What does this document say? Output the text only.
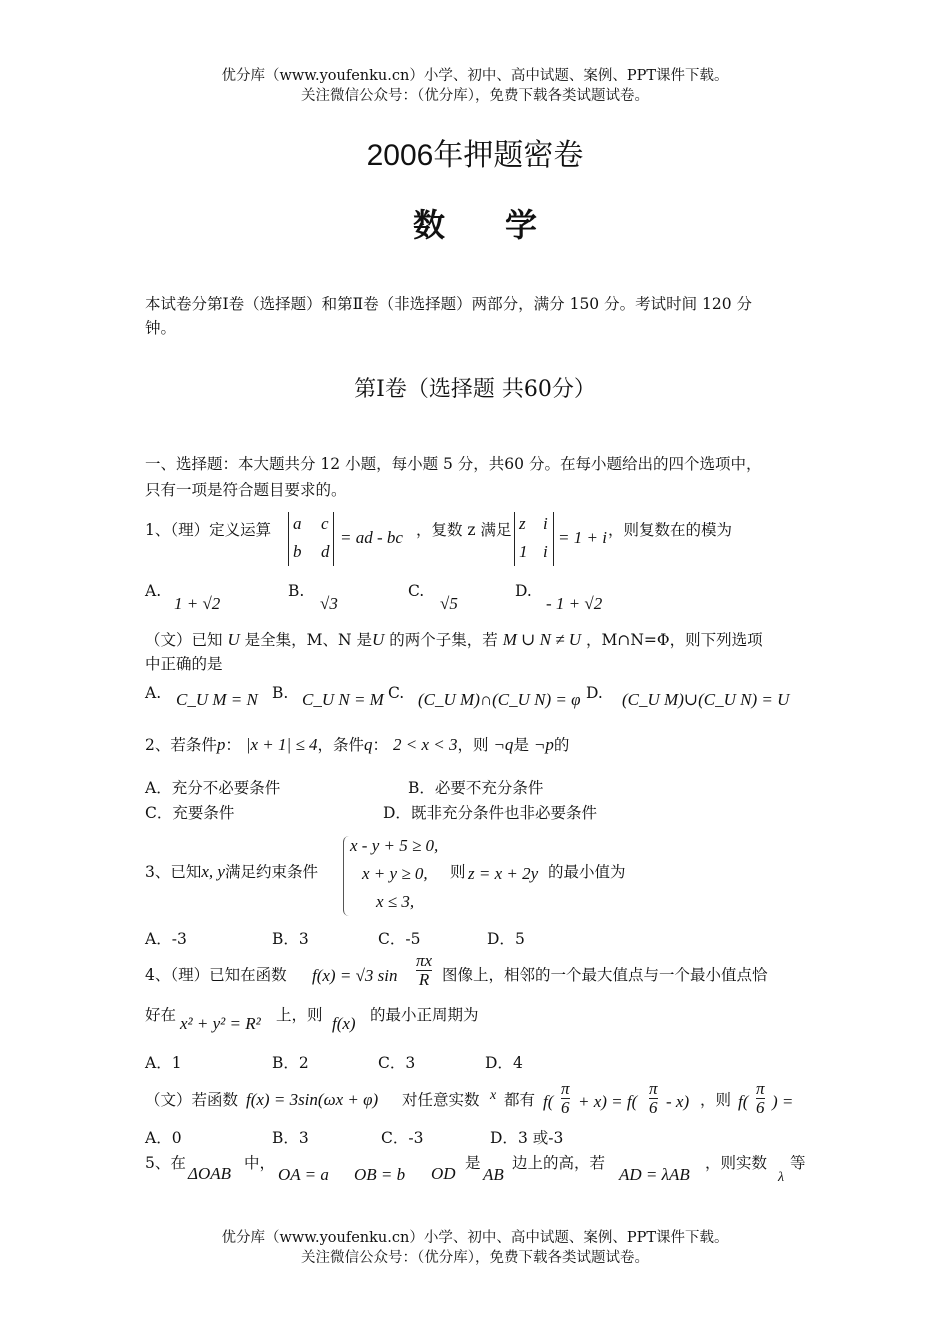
优分库（www.youfenku.cn）小学、初中、高中试题、案例、PPT课件下载。
关注微信公众号：（优分库），免费下载各类试题试卷。
2006年押题密卷
数学
本试卷分第Ⅰ卷（选择题）和第Ⅱ卷（非选择题）两部分，满分 150 分。考试时间 120 分
钟。
第Ⅰ卷（选择题 共60分）
一、选择题：本大题共分 12 小题，每小题 5 分，共60 分。在每小题给出的四个选项中，
只有一项是符合题目要求的。
1、（理）定义运算 a c
b d
= ad - bc ，复数 z 满足 z i
1 i
= 1 + i ，则复数在的模为
A.
1 + √2
B.
√3
C.
√5
D.
- 1 + √2
（文）已知 U 是全集，M、N 是U 的两个子集，若 M ∪ N ≠ U ，M∩N=Φ，则下列选项
中正确的是
A. C_U M = N B. C_U N = M C. (C_U M)∩(C_U N) = φ D. (C_U M)∪(C_U N) = U
2、若条件p： |x + 1| ≤ 4，条件q： 2 < x < 3，则 ¬q是 ¬p的
A．充分不必要条件	B．必要不充分条件
C．充要条件	D．既非充分条件也非必要条件
3、已知x, y满足约束条件
x - y + 5 ≥ 0,
x + y ≥ 0,
x ≤ 3,
则 z = x + 2y 的最小值为
A．-3	B．3	C．-5	D．5
4、（理）已知在函数 f(x) = √3 $\sin \frac{\pi x}{R}$ 图像上，相邻的一个最大值点与一个最小值点恰
好在 x² + y² = R² 上，则 f(x) 的最小正周期为
A．1	B．2	C．3	D．4
（文）若函数 f(x) = 3sin(ωx + φ) 对任意实数 x 都有 $f( \frac{\pi}{6} + x) = f( \frac{\pi}{6} - x)$ ，则 $f( \frac{\pi}{6}$ ) =
A．0	B．3	C．-3	D．3 或-3
5、在
ΔOAB
中，
OA = a OB = b OD
是
AB
边上的高，若
AD = λAB
，则实数
λ
等
优分库（www.youfenku.cn）小学、初中、高中试题、案例、PPT课件下载。
关注微信公众号：（优分库），免费下载各类试题试卷。
